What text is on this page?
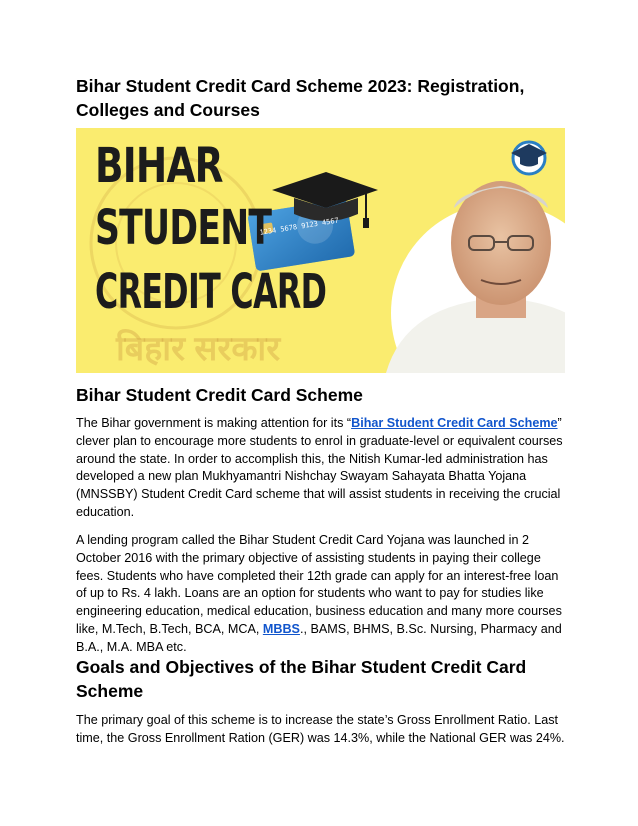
Bihar Student Credit Card Scheme 2023: Registration, Colleges and Courses
बिहार सरकार
BIHAR
STUDENT
CREDIT CARD
1234 5678 9123 4567
Bihar Student Credit Card Scheme

The Bihar government is making attention for its “Bihar Student Credit Card Scheme” clever plan to encourage more students to enrol in graduate-level or equivalent courses around the state. In order to accomplish this, the Nitish Kumar-led administration has developed a new plan Mukhyamantri Nishchay Swayam Sahayata Bhatta Yojana (MNSSBY) Student Credit Card scheme that will assist students in receiving the crucial education.

A lending program called the Bihar Student Credit Card Yojana was launched in 2 October 2016 with the primary objective of assisting students in paying their college fees. Students who have completed their 12th grade can apply for an interest-free loan of up to Rs. 4 lakh. Loans are an option for students who want to pay for studies like engineering education, medical education, business education and many more courses like, M.Tech, B.Tech, BCA, MCA, MBBS., BAMS, BHMS, B.Sc. Nursing, Pharmacy and B.A., M.A. MBA etc.

Goals and Objectives of the Bihar Student Credit Card Scheme

The primary goal of this scheme is to increase the state’s Gross Enrollment Ratio. Last time, the Gross Enrollment Ration (GER) was 14.3%, while the National GER was 24%.
